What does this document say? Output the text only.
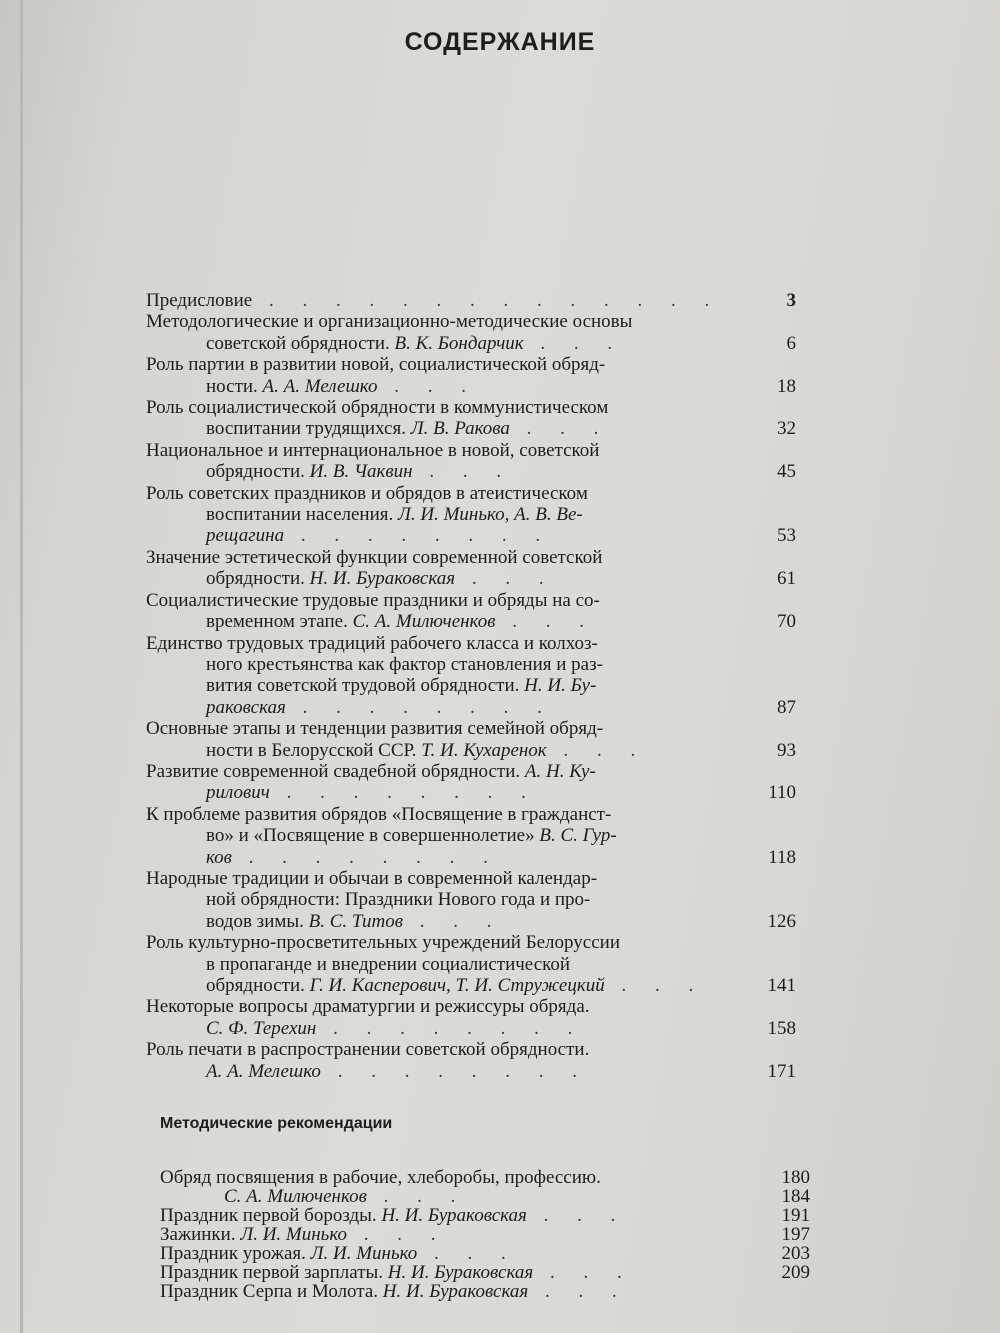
СОДЕРЖАНИЕ
Предисловие . . . . . . . . . . . . . .	3
Методологические и организационно-методические основы
советской обрядности. В. К. Бондарчик . . .	6
Роль партии в развитии новой, социалистической обряд-
ности. А. А. Мелешко . . .	18
Роль социалистической обрядности в коммунистическом
воспитании трудящихся. Л. В. Ракова . . .	32
Национальное и интернациональное в новой, советской
обрядности. И. В. Чаквин . . .	45
Роль советских праздников и обрядов в атеистическом
воспитании населения. Л. И. Минько, А. В. Ве-
рещагина . . . . . . . .	53
Значение эстетической функции современной советской
обрядности. Н. И. Бураковская . . .	61
Социалистические трудовые праздники и обряды на со-
временном этапе. С. А. Милюченков . . .	70
Единство трудовых традиций рабочего класса и колхоз-
ного крестьянства как фактор становления и раз-
вития советской трудовой обрядности. Н. И. Бу-
раковская . . . . . . . .	87
Основные этапы и тенденции развития семейной обряд-
ности в Белорусской ССР. Т. И. Кухаренок . . .	93
Развитие современной свадебной обрядности. А. Н. Ку-
рилович . . . . . . . .	110
К проблеме развития обрядов «Посвящение в гражданст-
во» и «Посвящение в совершеннолетие» В. С. Гур-
ков . . . . . . . .	118
Народные традиции и обычаи в современной календар-
ной обрядности: Праздники Нового года и про-
водов зимы. В. С. Титов . . .	126
Роль культурно-просветительных учреждений Белоруссии
в пропаганде и внедрении социалистической
обрядности. Г. И. Касперович, Т. И. Стружецкий . . .	141
Некоторые вопросы драматургии и режиссуры обряда.
С. Ф. Терехин . . . . . . . .	158
Роль печати в распространении советской обрядности.
А. А. Мелешко . . . . . . . .	171
Методические рекомендации
Обряд посвящения в рабочие, хлеборобы, профессию.	180
С. А. Милюченков . . .	184
Праздник первой борозды. Н. И. Бураковская . . .	191
Зажинки. Л. И. Минько . . .	197
Праздник урожая. Л. И. Минько . . .	203
Праздник первой зарплаты. Н. И. Бураковская . . .	209
Праздник Серпа и Молота. Н. И. Бураковская . . .
